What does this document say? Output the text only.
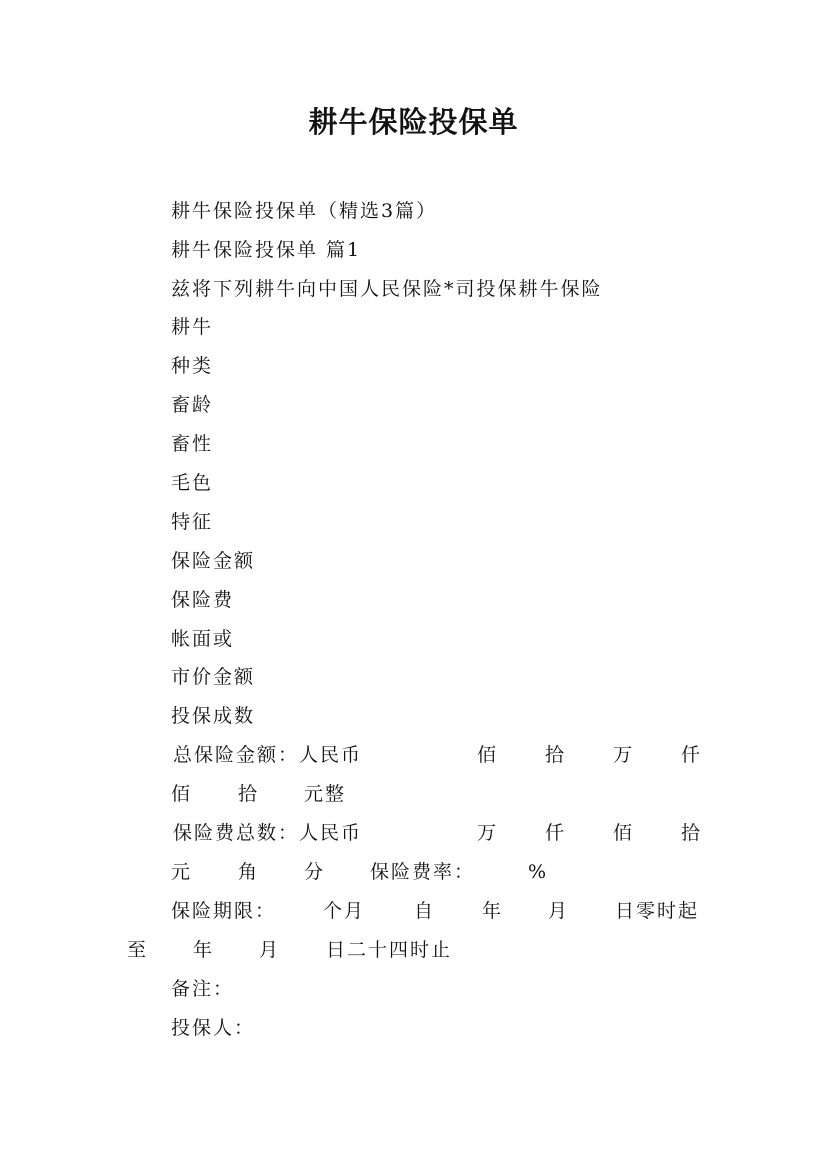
耕牛保险投保单
耕牛保险投保单（精选3篇）
耕牛保险投保单 篇1
兹将下列耕牛向中国人民保险*司投保耕牛保险
耕牛
种类
畜龄
畜性
毛色
特征
保险金额
保险费
帐面或
市价金额
投保成数
总保险金额：人民币	佰 拾 万 仟
佰 拾 元整
保险费总数：人民币	万 仟 佰 拾
元 角 分 保险费率：	%
保险期限： 个月	自 年 月 日零时起
至 年 月 日二十四时止
备注：
投保人：
